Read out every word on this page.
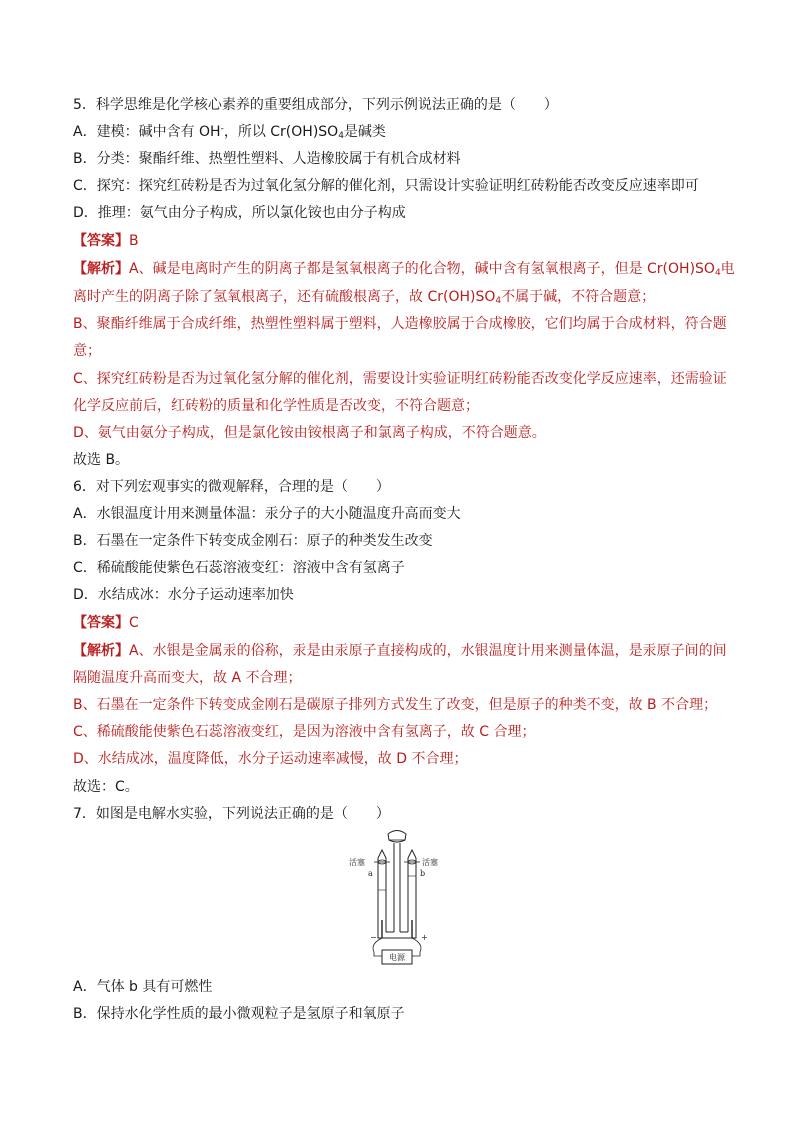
5．科学思维是化学核心素养的重要组成部分，下列示例说法正确的是（　　）
A．建模：碱中含有 OH-，所以 $Cr(OH)SO_4$是碱类
B．分类：聚酯纤维、热塑性塑料、人造橡胶属于有机合成材料
C．探究：探究红砖粉是否为过氧化氢分解的催化剂，只需设计实验证明红砖粉能否改变反应速率即可
D．推理：氨气由分子构成，所以氯化铵也由分子构成
【答案】B
【解析】A、碱是电离时产生的阴离子都是氢氧根离子的化合物，碱中含有氢氧根离子，但是 $Cr(OH)SO_4$电
离时产生的阴离子除了氢氧根离子，还有硫酸根离子，故 $Cr(OH)SO_4$不属于碱，不符合题意；
B、聚酯纤维属于合成纤维，热塑性塑料属于塑料，人造橡胶属于合成橡胶，它们均属于合成材料，符合题
意；
C、探究红砖粉是否为过氧化氢分解的催化剂，需要设计实验证明红砖粉能否改变化学反应速率，还需验证
化学反应前后，红砖粉的质量和化学性质是否改变，不符合题意；
D、氨气由氨分子构成，但是氯化铵由铵根离子和氯离子构成，不符合题意。
故选 B。
6．对下列宏观事实的微观解释，合理的是（　　）
A．水银温度计用来测量体温：汞分子的大小随温度升高而变大
B．石墨在一定条件下转变成金刚石：原子的种类发生改变
C．稀硫酸能使紫色石蕊溶液变红：溶液中含有氢离子
D．水结成冰：水分子运动速率加快
【答案】C
【解析】A、水银是金属汞的俗称，汞是由汞原子直接构成的，水银温度计用来测量体温，是汞原子间的间
隔随温度升高而变大，故 A 不合理；
B、石墨在一定条件下转变成金刚石是碳原子排列方式发生了改变，但是原子的种类不变，故 B 不合理；
C、稀硫酸能使紫色石蕊溶液变红，是因为溶液中含有氢离子，故 C 合理；
D、水结成冰，温度降低，水分子运动速率减慢，故 D 不合理；
故选：C。
7．如图是电解水实验，下列说法正确的是（　　）
−	+
电源
活塞	活塞
a	b
A．气体 b 具有可燃性
B．保持水化学性质的最小微观粒子是氢原子和氧原子
